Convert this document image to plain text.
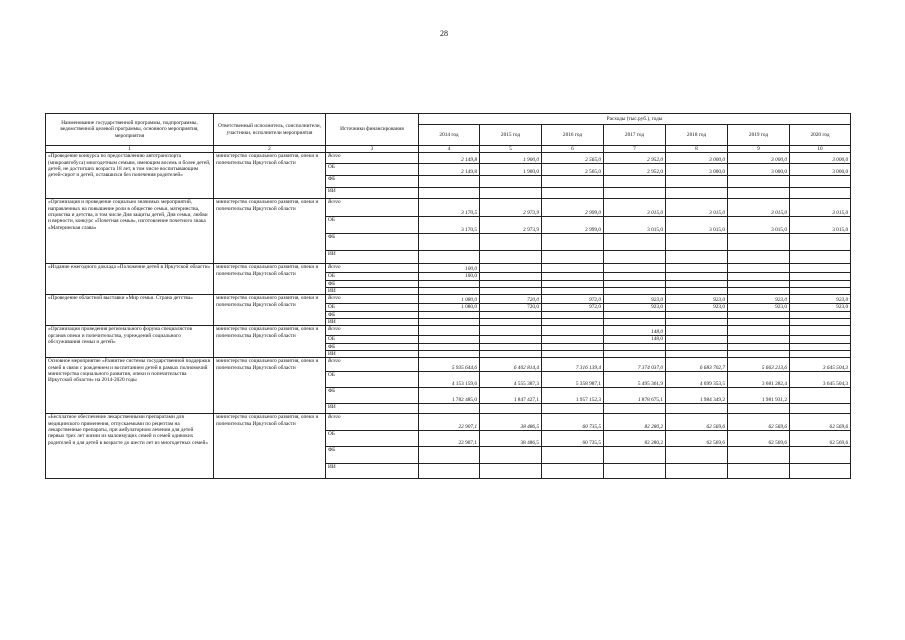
28
Наименование государственной программы, подпрограммы, ведомственной целевой программы, основного мероприятия, мероприятия	Ответственный исполнитель, соисполнители, участники, исполнители мероприятия	Источники финансирования	Расходы (тыс.руб.), годы						
			2014 год	2015 год	2016 год	2017 год	2018 год	2019 год	2020 год
1	2	3	4	5	6	7	8	9	10
«Проведение конкурса по предоставлению автотранспорта (микроавтобуса) многодетным семьям, имеющим восемь и более детей, детей, не достигших возраста 18 лет, в том числе воспитывающим детей-сирот и детей, оставшихся без попечения родителей»	министерство социального развития, опеки и попечительства Иркутской области	Всего	2 149,8	1 900,0	2 565,0	2 952,0	3 000,0	3 000,0	3 000,0
		ОБ	2 149,8	1 900,0	2 565,0	2 952,0	3 000,0	3 000,0	3 000,0
		ФБ							
		ИИ							
«Организация и проведение социально значимых мероприятий, направленных на повышение роли в обществе семьи, материнства, отцовства и детства, в том числе Дня защиты детей, Дня семьи, любви и верности, конкурс «Почетная семья», изготовление почетного знака «Материнская слава»	министерство социального развития, опеки и попечительства Иркутской области	Всего	3 170,5	2 973,9	2 999,0	3 015,0	3 015,0	3 015,0	3 015,0
		ОБ	3 170,5	2 973,9	2 999,0	3 015,0	3 015,0	3 015,0	3 015,0
		ФБ							
		ИИ							
«Издание ежегодного доклада «Положение детей в Иркутской области»	министерство социального развития, опеки и попечительства Иркутской области	Всего	100,0						
		ОБ	100,0						
		ФБ							
		ИИ							
«Проведение областной выставки «Мир семьи. Страна детства»	министерство социального развития, опеки и попечительства Иркутской области	Всего	1 080,0	720,0	972,0	923,0	923,0	923,0	923,0
		ОБ	1 080,0	720,0	972,0	923,0	923,0	923,0	923,0
		ФБ							
		ИИ							
«Организация проведения регионального форума специалистов органов опеки и попечительства, учреждений социального обслуживания семьи и детей»	министерство социального развития, опеки и попечительства Иркутской области	Всего				148,0			
		ОБ				148,0			
		ФБ							
		ИИ							
Основное мероприятие «Развитие системы государственной поддержки семей в связи с рождением и воспитанием детей в рамках полномочий министерства социального развития, опеки и попечительства Иркутской области» на 2014-2020 годы	министерство социального развития, опеки и попечительства Иркутской области	Всего	5 935 644,6	6 402 814,4	7 316 139,4	7 374 037,0	6 683 702,7	5 663 213,6	3 645 504,3
		ОБ	4 153 159,6	4 555 387,3	5 358 987,1	5 495 361,9	4 699 353,5	3 681 282,4	3 645 504,3
		ФБ	1 782 485,0	1 847 427,1	1 957 152,3	1 878 675,1	1 984 349,2	1 981 931,2	
		ИИ							
«Бесплатное обеспечение лекарственными препаратами для медицинского применения, отпускаемыми по рецептам на лекарственные препараты, при амбулаторном лечении для детей первых трех лет жизни из малоимущих семей и семей одиноких родителей и для детей в возрасте до шести лет из многодетных семей»	министерство социального развития, опеки и попечительства Иркутской области	Всего	22 907,1	38 486,5	60 735,5	82 280,2	62 569,6	62 569,6	62 569,6
		ОБ	22 907,1	38 486,5	60 735,5	82 280,2	62 569,6	62 569,6	62 569,6
		ФБ							
		ИИ							
